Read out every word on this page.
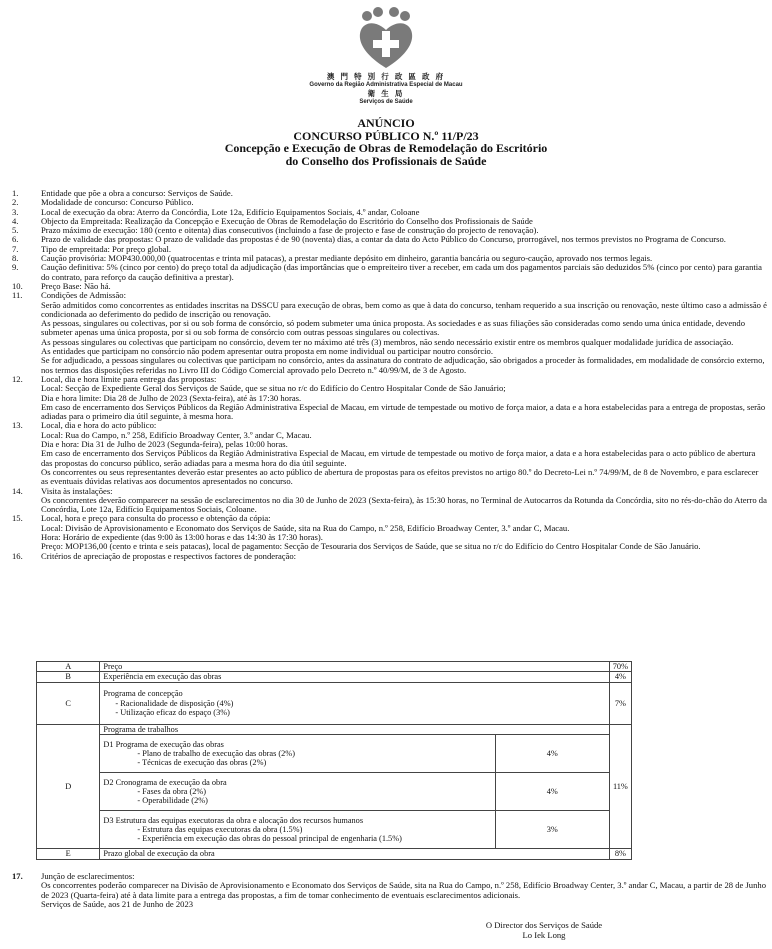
澳 門 特 別 行 政 區 政 府
Governo da Região Administrativa Especial de Macau
衛 生 局
Serviços de Saúde
ANÚNCIO
CONCURSO PÚBLICO N.º 11/P/23
Concepção e Execução de Obras de Remodelação do Escritório
do Conselho dos Profissionais de Saúde
1.	Entidade que põe a obra a concurso: Serviços de Saúde.
2.	Modalidade de concurso: Concurso Público.
3.	Local de execução da obra: Aterro da Concórdia, Lote 12a, Edifício Equipamentos Sociais, 4.º andar, Coloane
4.	Objecto da Empreitada: Realização da Concepção e Execução de Obras de Remodelação do Escritório do Conselho dos Profissionais de Saúde
5.	Prazo máximo de execução: 180 (cento e oitenta) dias consecutivos (incluindo a fase de projecto e fase de construção do projecto de renovação).
6.	Prazo de validade das propostas: O prazo de validade das propostas é de 90 (noventa) dias, a contar da data do Acto Público do Concurso, prorrogável, nos termos previstos no Programa de Concurso.
7.	Tipo de empreitada: Por preço global.
8.	Caução provisória: MOP430.000,00 (quatrocentas e trinta mil patacas), a prestar mediante depósito em dinheiro, garantia bancária ou seguro-caução, aprovado nos termos legais.
9.	Caução definitiva: 5% (cinco por cento) do preço total da adjudicação (das importâncias que o empreiteiro tiver a receber, em cada um dos pagamentos parciais são deduzidos 5% (cinco por cento) para garantia do contrato, para reforço da caução definitiva a prestar).
10.	Preço Base: Não há.
11.	Condições de Admissão:
Serão admitidos como concorrentes as entidades inscritas na DSSCU para execução de obras, bem como as que à data do concurso, tenham requerido a sua inscrição ou renovação, neste último caso a admissão é condicionada ao deferimento do pedido de inscrição ou renovação.
As pessoas, singulares ou colectivas, por si ou sob forma de consórcio, só podem submeter uma única proposta. As sociedades e as suas filiações são consideradas como sendo uma única entidade, devendo submeter apenas uma única proposta, por si ou sob forma de consórcio com outras pessoas singulares ou colectivas.
As pessoas singulares ou colectivas que participam no consórcio, devem ter no máximo até três (3) membros, não sendo necessário existir entre os membros qualquer modalidade jurídica de associação.
As entidades que participam no consórcio não podem apresentar outra proposta em nome individual ou participar noutro consórcio.
Se for adjudicado, a pessoas singulares ou colectivas que participam no consórcio, antes da assinatura do contrato de adjudicação, são obrigados a proceder às formalidades, em modalidade de consórcio externo, nos termos das disposições referidas no Livro III do Código Comercial aprovado pelo Decreto n.º 40/99/M, de 3 de Agosto.
12.	Local, dia e hora limite para entrega das propostas:
Local: Secção de Expediente Geral dos Serviços de Saúde, que se situa no r/c do Edifício do Centro Hospitalar Conde de São Januário;
Dia e hora limite: Dia 28 de Julho de 2023 (Sexta-feira), até às 17:30 horas.
Em caso de encerramento dos Serviços Públicos da Região Administrativa Especial de Macau, em virtude de tempestade ou motivo de força maior, a data e a hora estabelecidas para a entrega de propostas, serão adiadas para o primeiro dia útil seguinte, à mesma hora.
13.	Local, dia e hora do acto público:
Local: Rua do Campo, n.º 258, Edifício Broadway Center, 3.º andar C, Macau.
Dia e hora: Dia 31 de Julho de 2023 (Segunda-feira), pelas 10:00 horas.
Em caso de encerramento dos Serviços Públicos da Região Administrativa Especial de Macau, em virtude de tempestade ou motivo de força maior, a data e a hora estabelecidas para o acto público de abertura das propostas do concurso público, serão adiadas para a mesma hora do dia útil seguinte.
Os concorrentes ou seus representantes deverão estar presentes ao acto público de abertura de propostas para os efeitos previstos no artigo 80.º do Decreto-Lei n.º 74/99/M, de 8 de Novembro, e para esclarecer as eventuais dúvidas relativas aos documentos apresentados no concurso.
14.	Visita às instalações:
Os concorrentes deverão comparecer na sessão de esclarecimentos no dia 30 de Junho de 2023 (Sexta-feira), às 15:30 horas, no Terminal de Autocarros da Rotunda da Concórdia, sito no rés-do-chão do Aterro da Concórdia, Lote 12a, Edifício Equipamentos Sociais, Coloane.
15.	Local, hora e preço para consulta do processo e obtenção da cópia:
Local: Divisão de Aprovisionamento e Economato dos Serviços de Saúde, sita na Rua do Campo, n.º 258, Edifício Broadway Center, 3.º andar C, Macau.
Hora: Horário de expediente (das 9:00 às 13:00 horas e das 14:30 às 17:30 horas).
Preço: MOP136,00 (cento e trinta e seis patacas), local de pagamento: Secção de Tesouraria dos Serviços de Saúde, que se situa no r/c do Edifício do Centro Hospitalar Conde de São Januário.
16.	Critérios de apreciação de propostas e respectivos factores de ponderação:
A	Preço		70%
B	Experiência em execução das obras		4%
C	Programa de concepção
- Racionalidade de disposição (4%)
- Utilização eficaz do espaço (3%)		7%
D	Programa de trabalhos		11%

	D1 Programa de execução das obras
- Plano de trabalho de execução das obras (2%)
- Técnicas de execução das obras (2%)	4%	

	D2 Cronograma de execução da obra
- Fases da obra (2%)
- Operabilidade (2%)	4%	

	D3 Estrutura das equipas executoras da obra e alocação dos recursos humanos
- Estrutura das equipas executoras da obra (1.5%)
- Experiência em execução das obras do pessoal principal de engenharia (1.5%)	3%	
E	Prazo global de execução da obra		8%
17.	Junção de esclarecimentos:
Os concorrentes poderão comparecer na Divisão de Aprovisionamento e Economato dos Serviços de Saúde, sita na Rua do Campo, n.º 258, Edifício Broadway Center, 3.º andar C, Macau, a partir de 28 de Junho de 2023 (Quarta-feira) até à data limite para a entrega das propostas, a fim de tomar conhecimento de eventuais esclarecimentos adicionais.
Serviços de Saúde, aos 21 de Junho de 2023
O Director dos Serviços de Saúde
Lo Iek Long
